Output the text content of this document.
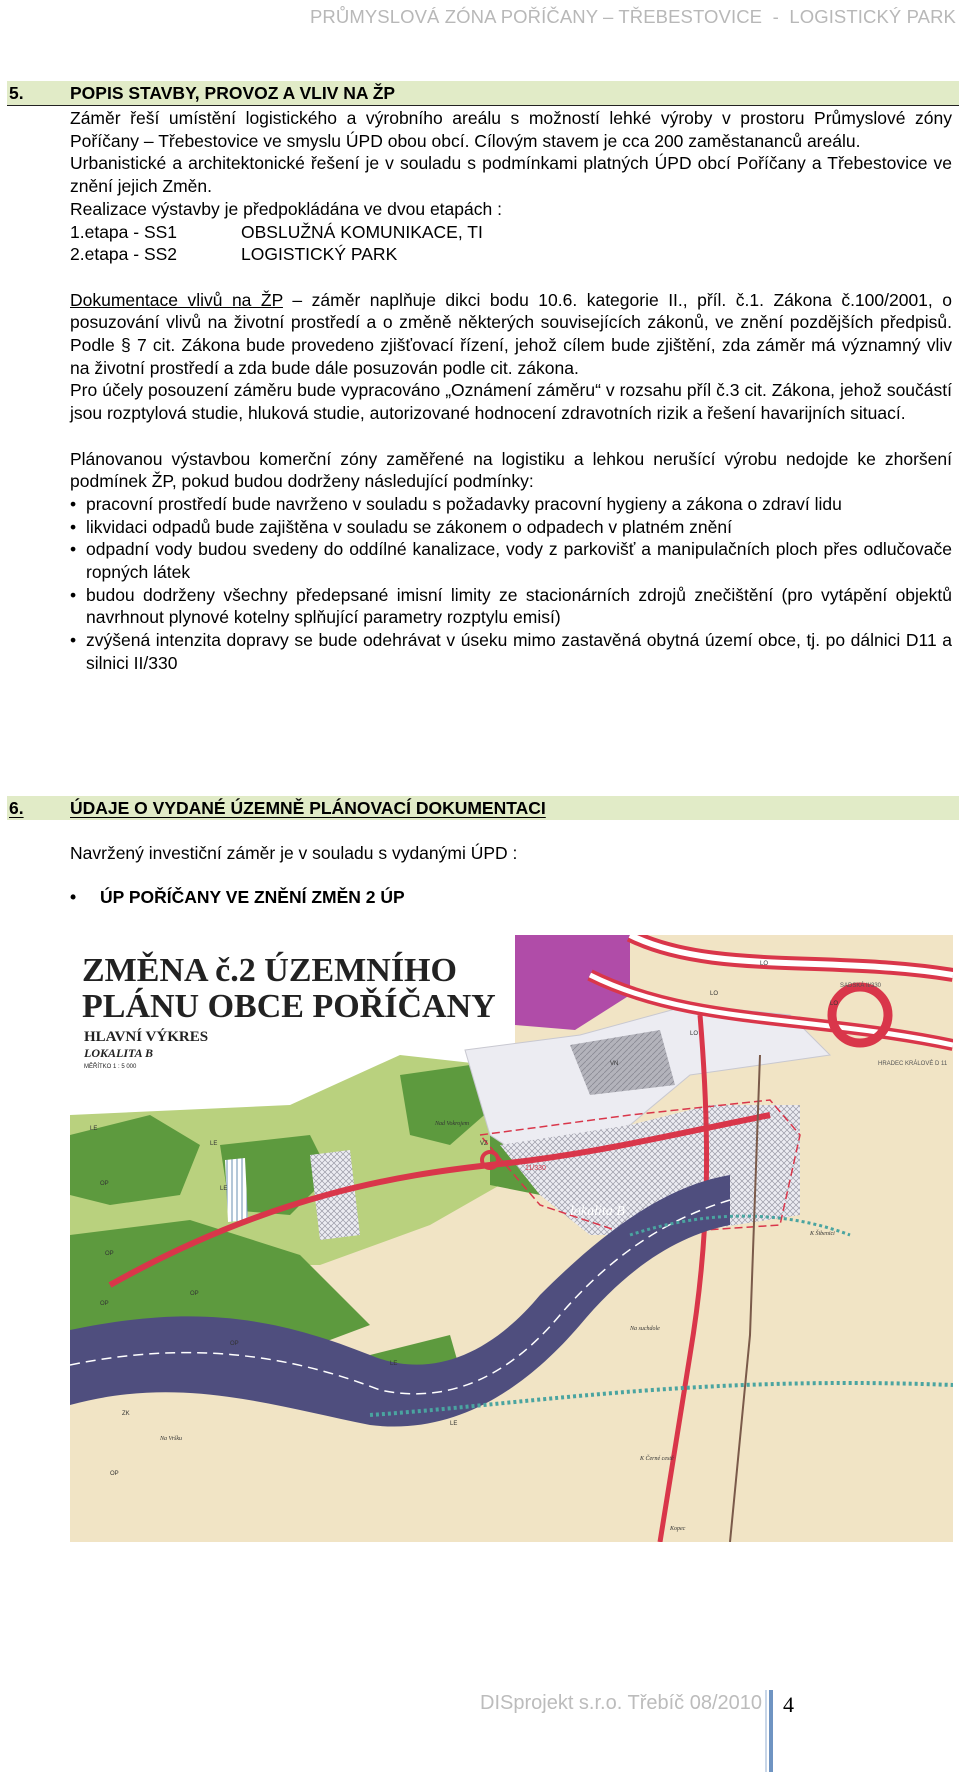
PRŮMYSLOVÁ ZÓNA POŘÍČANY – TŘEBESTOVICE  -  LOGISTICKÝ PARK
5.	POPIS STAVBY, PROVOZ A VLIV NA ŽP

Záměr řeší umístění logistického a výrobního areálu s možností lehké výroby v prostoru Průmyslové zóny Poříčany – Třebestovice ve smyslu ÚPD obou obcí. Cílovým stavem je cca 200 zaměstananců areálu.

Urbanistické a architektonické řešení je v souladu s podmínkami platných ÚPD obcí Poříčany a Třebestovice ve znění jejich Změn.

Realizace výstavby je předpokládána ve dvou etapách :

1.etapa - SS1	OBSLUŽNÁ KOMUNIKACE, TI
2.etapa - SS2	LOGISTICKÝ PARK

Dokumentace vlivů na ŽP – záměr naplňuje dikci bodu 10.6. kategorie II., příl. č.1. Zákona č.100/2001, o posuzování vlivů na životní prostředí a o změně některých souvisejících zákonů, ve znění pozdějších předpisů. Podle § 7 cit. Zákona bude provedeno zjišťovací řízení, jehož cílem bude zjištění, zda záměr má významný vliv na životní prostředí a zda bude dále posuzován podle cit. zákona.

Pro účely posouzení záměru bude vypracováno „Oznámení záměru“ v rozsahu příl č.3 cit. Zákona, jehož součástí jsou rozptylová studie, hluková studie, autorizované hodnocení zdravotních rizik a řešení havarijních situací.

Plánovanou výstavbou komerční zóny zaměřené na logistiku a lehkou nerušící výrobu nedojde ke zhoršení podmínek ŽP, pokud budou dodrženy následující podmínky:

• pracovní prostředí bude navrženo v souladu s požadavky pracovní hygieny a zákona o zdraví lidu
• likvidaci odpadů bude zajištěna v souladu se zákonem o odpadech v platném znění
• odpadní vody budou svedeny do oddílné kanalizace, vody z parkovišť a manipulačních ploch přes odlučovače ropných látek
• budou dodrženy všechny předepsané imisní limity ze stacionárních zdrojů znečištění (pro vytápění objektů navrhnout plynové kotelny splňující parametry rozptylu emisí)
• zvýšená intenzita dopravy se bude odehrávat v úseku mimo zastavěná obytná území obce, tj. po dálnici D11 a silnici II/330
6.	ÚDAJE O VYDANÉ ÚZEMNĚ PLÁNOVACÍ DOKUMENTACI

Navržený investiční záměr je v souladu s vydanými ÚPD :

• ÚP POŘÍČANY VE ZNĚNÍ ZMĚN 2 ÚP
ZMĚNA č.2 ÚZEMNÍHO
PLÁNU OBCE POŘÍČANY
HLAVNÍ VÝKRES
LOKALITA B
MĚŘÍTKO 1 : 5 000
lokalita B
11/330
HRADEC KRÁLOVÉ D 11
SADSKÁ II/330
LE
LE
LE
OP
OP
OP
OP
ZK
VN
LO
LO
LO
VZ
LE
LE
OP
OP
LO
K Šibenici
Na Vršku
Na suchdole
Nad Vokrojem
K Černé cestě
Kopec
DISprojekt s.r.o. Třebíč 08/2010 4
